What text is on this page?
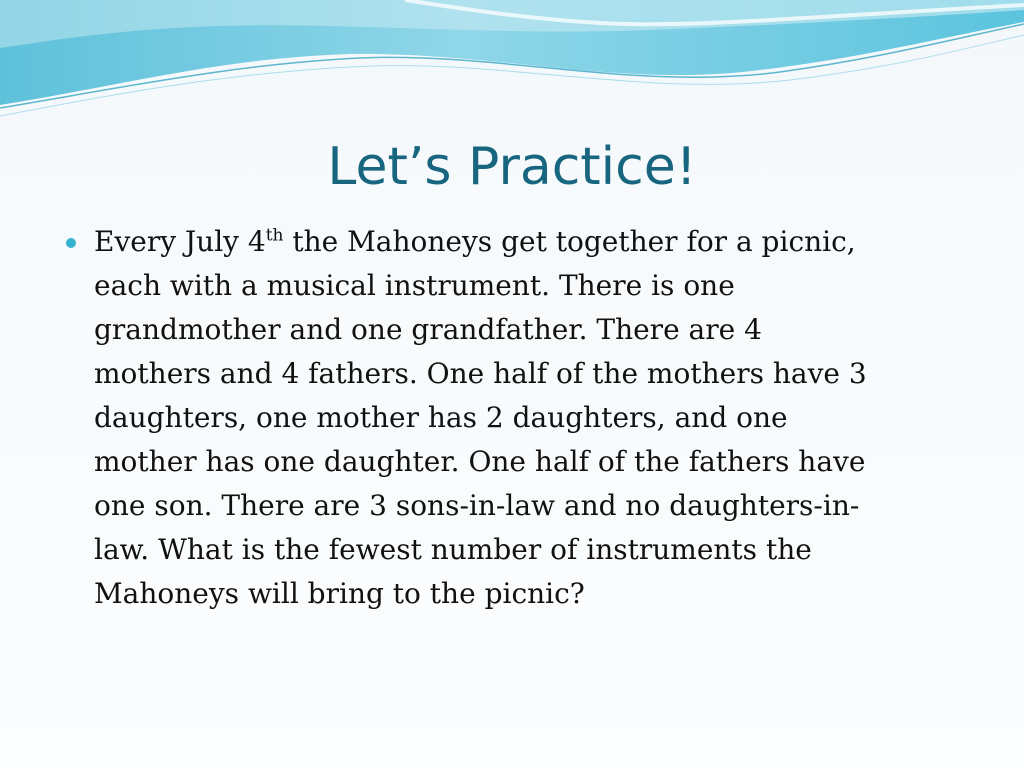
Let’s Practice!
Every July 4th the Mahoneys get together for a picnic,
each with a musical instrument. There is one
grandmother and one grandfather. There are 4
mothers and 4 fathers. One half of the mothers have 3
daughters, one mother has 2 daughters, and one
mother has one daughter. One half of the fathers have
one son. There are 3 sons-in-law and no daughters-in-
law. What is the fewest number of instruments the
Mahoneys will bring to the picnic?
